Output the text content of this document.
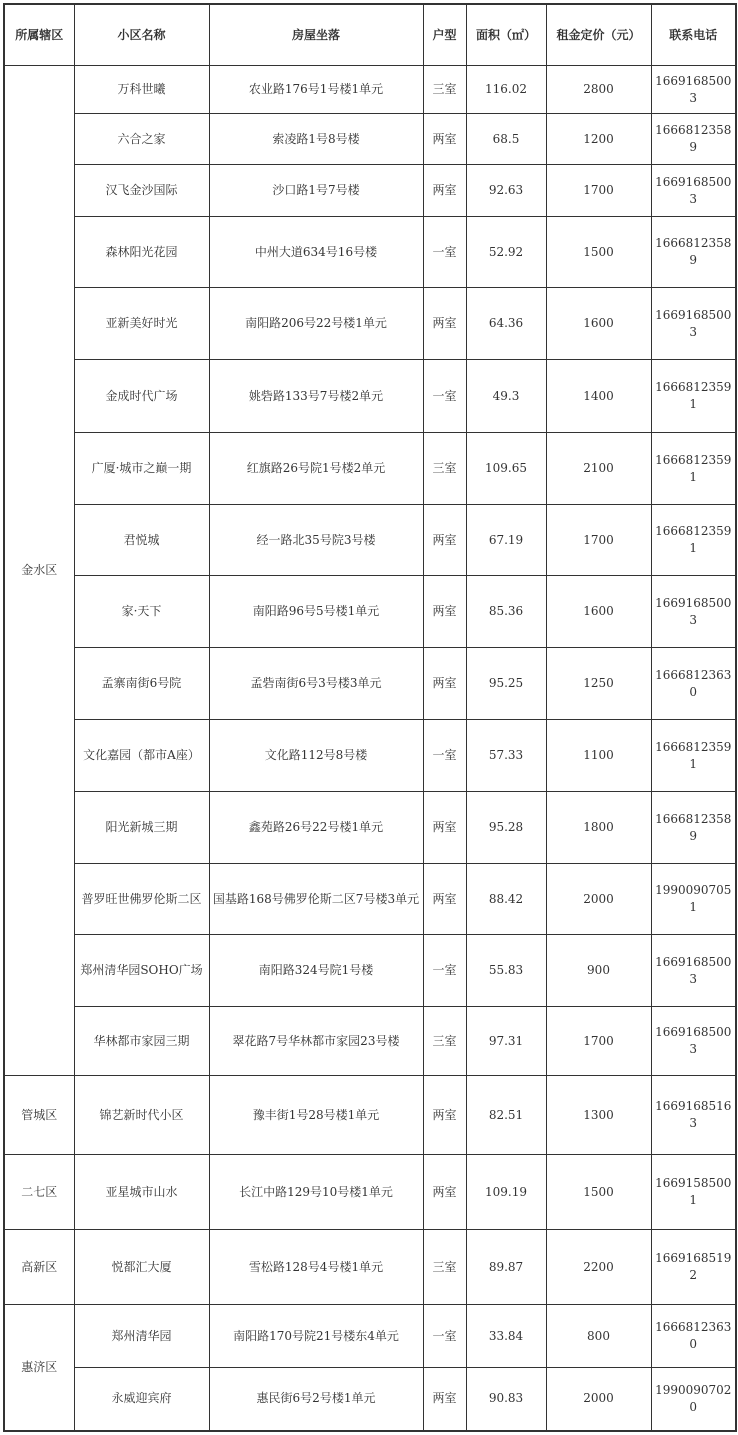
所属辖区	小区名称	房屋坐落	户型	面积（㎡）	租金定价（元）	联系电话
金水区	万科世曦	农业路176号1号楼1单元	三室	116.02	2800	16691685003
	六合之家	索凌路1号8号楼	两室	68.5	1200	16668123589
	汉飞金沙国际	沙口路1号7号楼	两室	92.63	1700	16691685003
	森林阳光花园	中州大道634号16号楼	一室	52.92	1500	16668123589
	亚新美好时光	南阳路206号22号楼1单元	两室	64.36	1600	16691685003
	金成时代广场	姚砦路133号7号楼2单元	一室	49.3	1400	16668123591
	广厦·城市之巅一期	红旗路26号院1号楼2单元	三室	109.65	2100	16668123591
	君悦城	经一路北35号院3号楼	两室	67.19	1700	16668123591
	家·天下	南阳路96号5号楼1单元	两室	85.36	1600	16691685003
	孟寨南街6号院	孟砦南街6号3号楼3单元	两室	95.25	1250	16668123630
	文化嘉园（都市A座）	文化路112号8号楼	一室	57.33	1100	16668123591
	阳光新城三期	鑫苑路26号22号楼1单元	两室	95.28	1800	16668123589
	普罗旺世佛罗伦斯二区	国基路168号佛罗伦斯二区7号楼3单元	两室	88.42	2000	19900907051
	郑州清华园SOHO广场	南阳路324号院1号楼	一室	55.83	900	16691685003
	华林都市家园三期	翠花路7号华林都市家园23号楼	三室	97.31	1700	16691685003
管城区	锦艺新时代小区	豫丰街1号28号楼1单元	两室	82.51	1300	16691685163
二七区	亚星城市山水	长江中路129号10号楼1单元	两室	109.19	1500	16691585001
高新区	悦都汇大厦	雪松路128号4号楼1单元	三室	89.87	2200	16691685192
惠济区	郑州清华园	南阳路170号院21号楼东4单元	一室	33.84	800	16668123630
	永威迎宾府	惠民街6号2号楼1单元	两室	90.83	2000	19900907020
